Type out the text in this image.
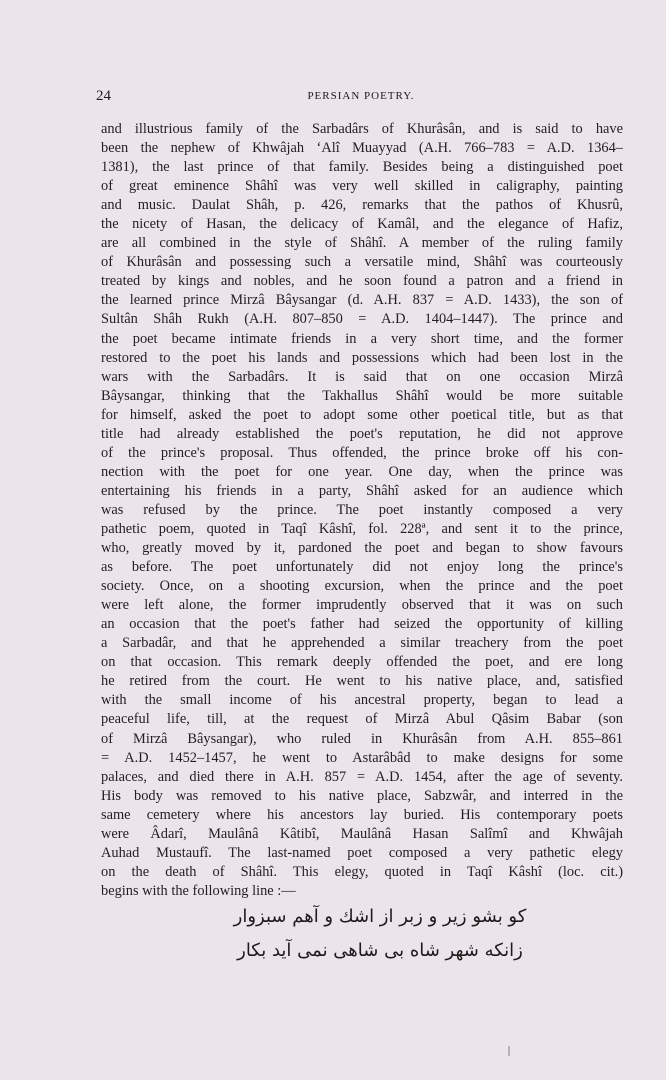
24	PERSIAN POETRY.
and illustrious family of the Sarbadârs of Khurâsân, and is said to have
been the nephew of Khwâjah ‘Alî Muayyad (A.H. 766–783 = A.D. 1364–
1381), the last prince of that family. Besides being a distinguished poet
of great eminence Shâhî was very well skilled in caligraphy, painting
and music. Daulat Shâh, p. 426, remarks that the pathos of Khusrû,
the nicety of Hasan, the delicacy of Kamâl, and the elegance of Hafiz,
are all combined in the style of Shâhî. A member of the ruling family
of Khurâsân and possessing such a versatile mind, Shâhî was courteously
treated by kings and nobles, and he soon found a patron and a friend in
the learned prince Mirzâ Bâysangar (d. A.H. 837 = A.D. 1433), the son of
Sultân Shâh Rukh (A.H. 807–850 = A.D. 1404–1447). The prince and
the poet became intimate friends in a very short time, and the former
restored to the poet his lands and possessions which had been lost in the
wars with the Sarbadârs. It is said that on one occasion Mirzâ
Bâysangar, thinking that the Takhallus Shâhî would be more suitable
for himself, asked the poet to adopt some other poetical title, but as that
title had already established the poet's reputation, he did not approve
of the prince's proposal. Thus offended, the prince broke off his con-
nection with the poet for one year. One day, when the prince was
entertaining his friends in a party, Shâhî asked for an audience which
was refused by the prince. The poet instantly composed a very
pathetic poem, quoted in Taqî Kâshî, fol. 228ª, and sent it to the prince,
who, greatly moved by it, pardoned the poet and began to show favours
as before. The poet unfortunately did not enjoy long the prince's
society. Once, on a shooting excursion, when the prince and the poet
were left alone, the former imprudently observed that it was on such
an occasion that the poet's father had seized the opportunity of killing
a Sarbadâr, and that he apprehended a similar treachery from the poet
on that occasion. This remark deeply offended the poet, and ere long
he retired from the court. He went to his native place, and, satisfied
with the small income of his ancestral property, began to lead a
peaceful life, till, at the request of Mirzâ Abul Qâsim Babar (son
of Mirzâ Bâysangar), who ruled in Khurâsân from A.H. 855–861
= A.D. 1452–1457, he went to Astarâbâd to make designs for some
palaces, and died there in A.H. 857 = A.D. 1454, after the age of seventy.
His body was removed to his native place, Sabzwâr, and interred in the
same cemetery where his ancestors lay buried. His contemporary poets
were Âdarî, Maulânâ Kâtibî, Maulânâ Hasan Salîmî and Khwâjah
Auhad Mustaufî. The last-named poet composed a very pathetic elegy
on the death of Shâhî. This elegy, quoted in Taqî Kâshî (loc. cit.)
begins with the following line :—
کو بشو زیر و زبر از اشك و آهم سبزوار
زانکه شهر شاه بی شاهی نمی آید بکار
